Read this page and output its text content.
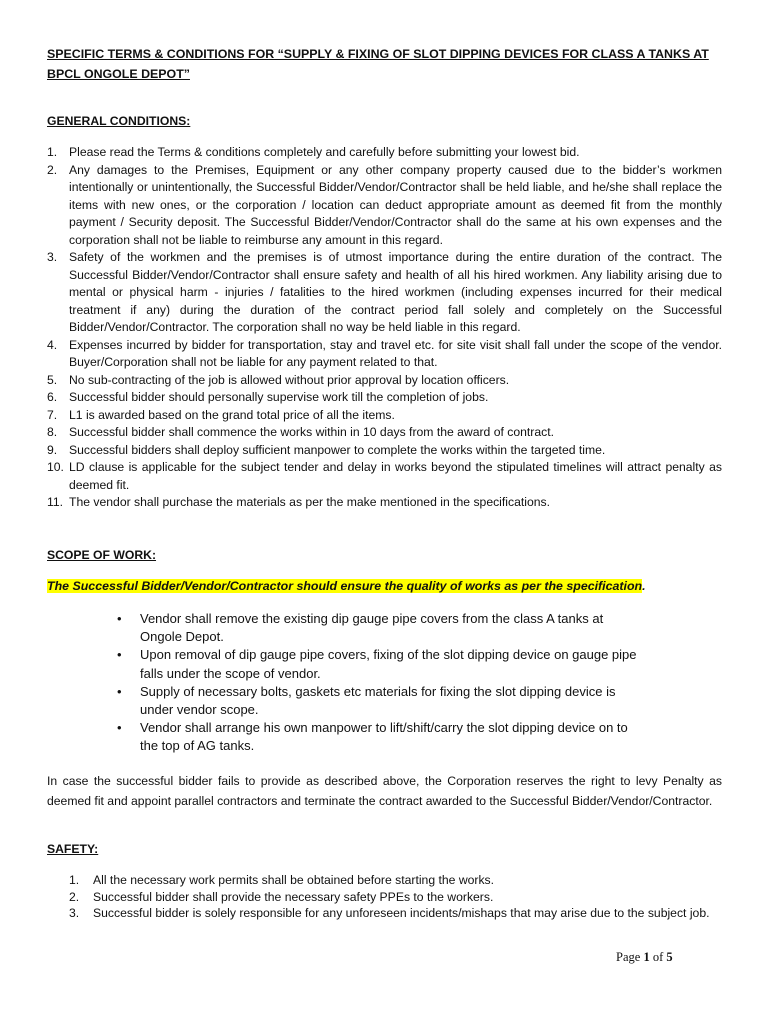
SPECIFIC TERMS & CONDITIONS FOR “SUPPLY & FIXING OF SLOT DIPPING DEVICES FOR CLASS A TANKS AT BPCL ONGOLE DEPOT”
GENERAL CONDITIONS:
1. Please read the Terms & conditions completely and carefully before submitting your lowest bid.
2. Any damages to the Premises, Equipment or any other company property caused due to the bidder’s workmen intentionally or unintentionally, the Successful Bidder/Vendor/Contractor shall be held liable, and he/she shall replace the items with new ones, or the corporation / location can deduct appropriate amount as deemed fit from the monthly payment / Security deposit. The Successful Bidder/Vendor/Contractor shall do the same at his own expenses and the corporation shall not be liable to reimburse any amount in this regard.
3. Safety of the workmen and the premises is of utmost importance during the entire duration of the contract. The Successful Bidder/Vendor/Contractor shall ensure safety and health of all his hired workmen. Any liability arising due to mental or physical harm - injuries / fatalities to the hired workmen (including expenses incurred for their medical treatment if any) during the duration of the contract period fall solely and completely on the Successful Bidder/Vendor/Contractor. The corporation shall no way be held liable in this regard.
4. Expenses incurred by bidder for transportation, stay and travel etc. for site visit shall fall under the scope of the vendor. Buyer/Corporation shall not be liable for any payment related to that.
5. No sub-contracting of the job is allowed without prior approval by location officers.
6. Successful bidder should personally supervise work till the completion of jobs.
7. L1 is awarded based on the grand total price of all the items.
8. Successful bidder shall commence the works within in 10 days from the award of contract.
9. Successful bidders shall deploy sufficient manpower to complete the works within the targeted time.
10. LD clause is applicable for the subject tender and delay in works beyond the stipulated timelines will attract penalty as deemed fit.
11. The vendor shall purchase the materials as per the make mentioned in the specifications.
SCOPE OF WORK:

The Successful Bidder/Vendor/Contractor should ensure the quality of works as per the specification.

• Vendor shall remove the existing dip gauge pipe covers from the class A tanks at Ongole Depot.
• Upon removal of dip gauge pipe covers, fixing of the slot dipping device on gauge pipe falls under the scope of vendor.
• Supply of necessary bolts, gaskets etc materials for fixing the slot dipping device is under vendor scope.
• Vendor shall arrange his own manpower to lift/shift/carry the slot dipping device on to the top of AG tanks.

In case the successful bidder fails to provide as described above, the Corporation reserves the right to levy Penalty as deemed fit and appoint parallel contractors and terminate the contract awarded to the Successful Bidder/Vendor/Contractor.

SAFETY:
1. All the necessary work permits shall be obtained before starting the works.
2. Successful bidder shall provide the necessary safety PPEs to the workers.
3. Successful bidder is solely responsible for any unforeseen incidents/mishaps that may arise due to the subject job.
Page 1 of 5
